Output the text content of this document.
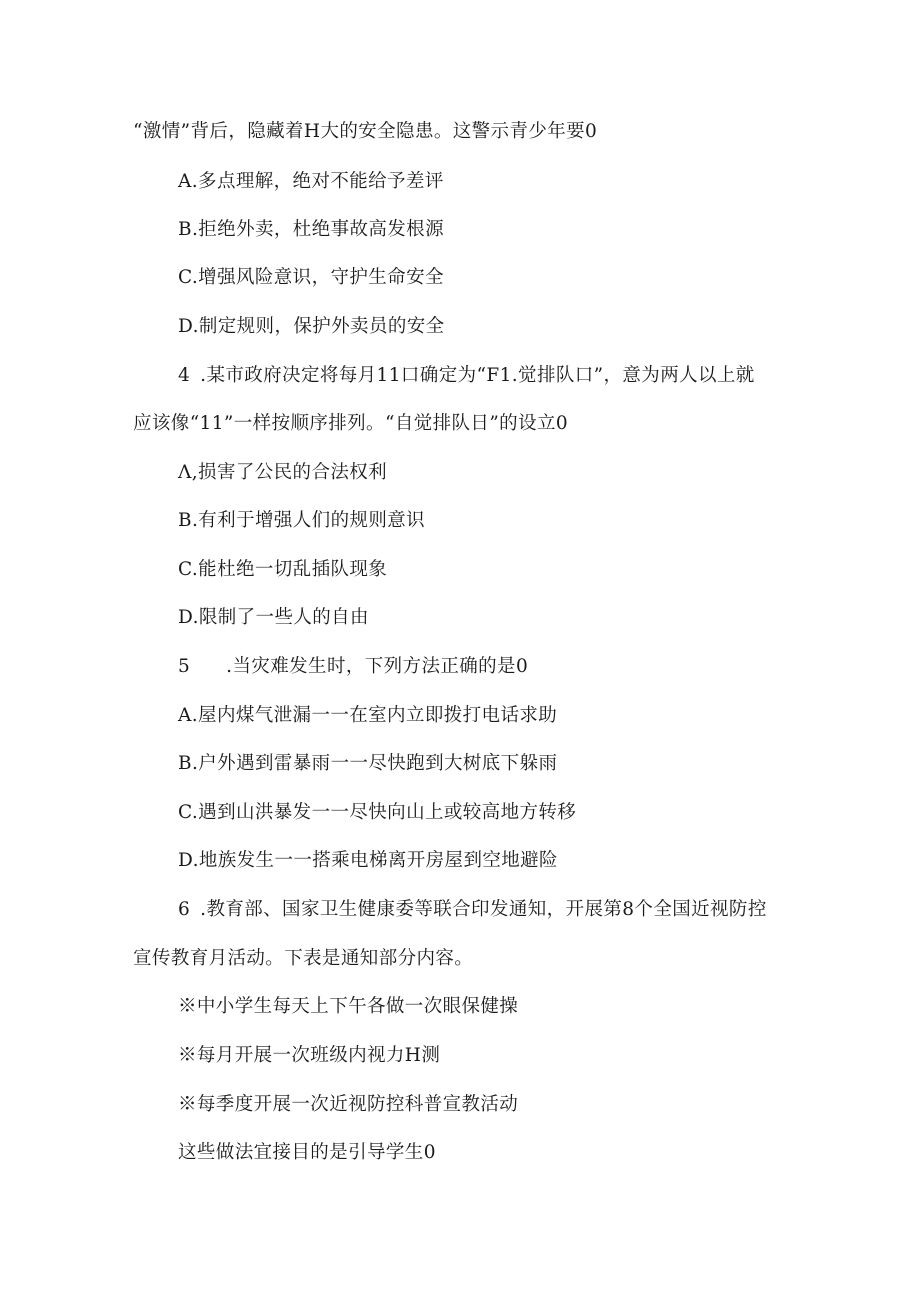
“激情”背后，隐藏着H大的安全隐患。这警示青少年要0
A.多点理解，绝对不能给予差评
B.拒绝外卖，杜绝事故高发根源
C.增强风险意识，守护生命安全
D.制定规则，保护外卖员的安全
4 .某市政府决定将每月11口确定为“F1.觉排队口”，意为两人以上就
应该像“11”一样按顺序排列。“自觉排队日”的设立0
Λ,损害了公民的合法权利
B.有利于增强人们的规则意识
C.能杜绝一切乱插队现象
D.限制了一些人的自由
5 .当灾难发生时，下列方法正确的是0
A.屋内煤气泄漏一一在室内立即拨打电话求助
B.户外遇到雷暴雨一一尽快跑到大树底下躲雨
C.遇到山洪暴发一一尽快向山上或较高地方转移
D.地族发生一一搭乘电梯离开房屋到空地避险
6 .教育部、国家卫生健康委等联合印发通知，开展第8个全国近视防控
宣传教育月活动。下表是通知部分内容。
※中小学生每天上下午各做一次眼保健操
※每月开展一次班级内视力H测
※每季度开展一次近视防控科普宣教活动
这些做法宜接目的是引导学生0
